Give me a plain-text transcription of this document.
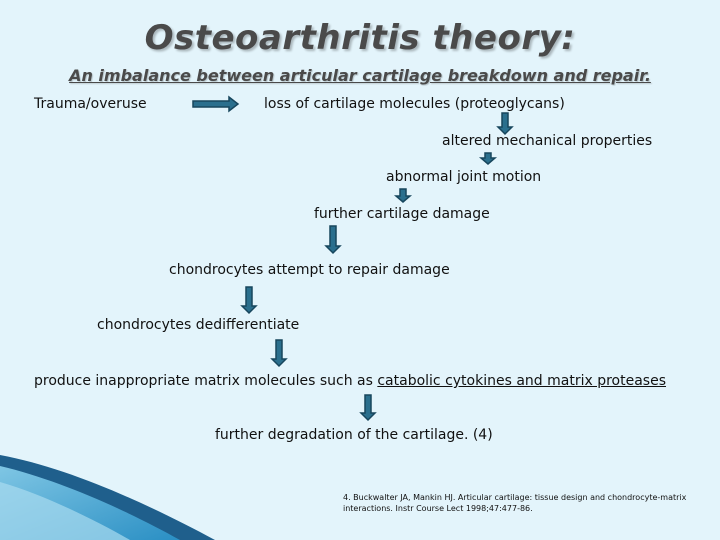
Osteoarthritis theory:
An imbalance between articular cartilage breakdown and repair.
Trauma/overuse	loss of cartilage molecules (proteoglycans)
altered mechanical properties
abnormal joint motion
further cartilage damage
chondrocytes attempt to repair damage
chondrocytes dedifferentiate
produce inappropriate matrix molecules such as catabolic cytokines and matrix proteases
further degradation of the cartilage. (4)
4. Buckwalter JA, Mankin HJ. Articular cartilage: tissue design and chondrocyte-matrix interactions. Instr Course Lect 1998;47:477-86.
